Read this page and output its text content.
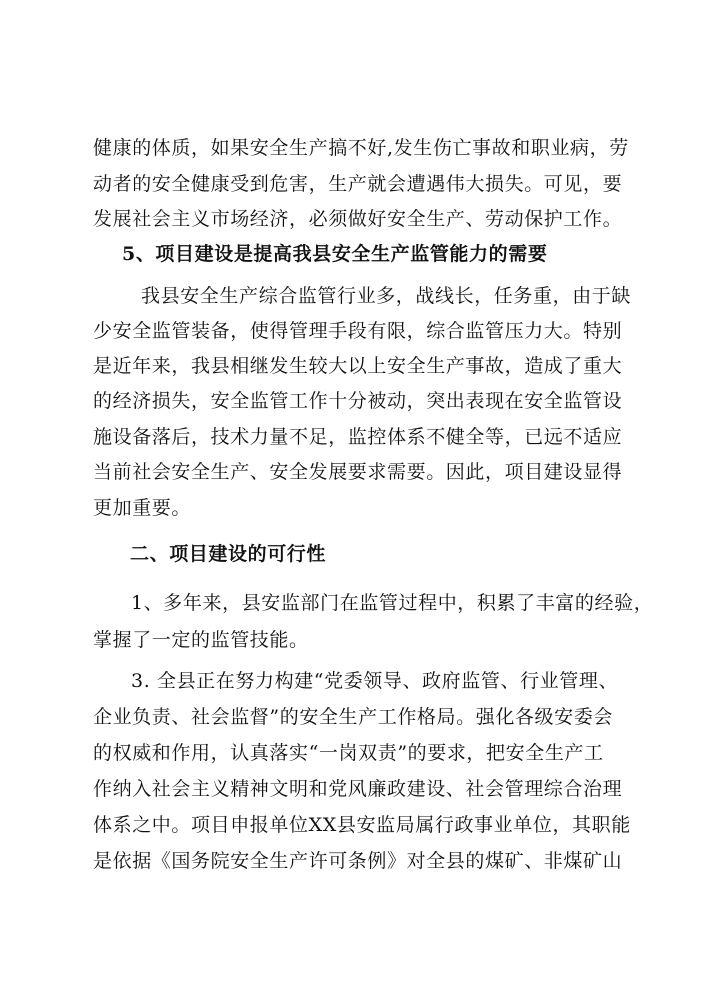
健康的体质，如果安全生产搞不好,发生伤亡事故和职业病，劳
动者的安全健康受到危害，生产就会遭遇伟大损失。可见，要
发展社会主义市场经济，必须做好安全生产、劳动保护工作。
5、项目建设是提高我县安全生产监管能力的需要
我县安全生产综合监管行业多，战线长，任务重，由于缺
少安全监管装备，使得管理手段有限，综合监管压力大。特别
是近年来，我县相继发生较大以上安全生产事故，造成了重大
的经济损失，安全监管工作十分被动，突出表现在安全监管设
施设备落后，技术力量不足，监控体系不健全等，已远不适应
当前社会安全生产、安全发展要求需要。因此，项目建设显得
更加重要。
二、项目建设的可行性
1、多年来，县安监部门在监管过程中，积累了丰富的经验，
掌握了一定的监管技能。
3. 全县正在努力构建“党委领导、政府监管、行业管理、
企业负责、社会监督”的安全生产工作格局。强化各级安委会
的权威和作用，认真落实“一岗双责”的要求，把安全生产工
作纳入社会主义精神文明和党风廉政建设、社会管理综合治理
体系之中。项目申报单位XX县安监局属行政事业单位，其职能
是依据《国务院安全生产许可条例》对全县的煤矿、非煤矿山
